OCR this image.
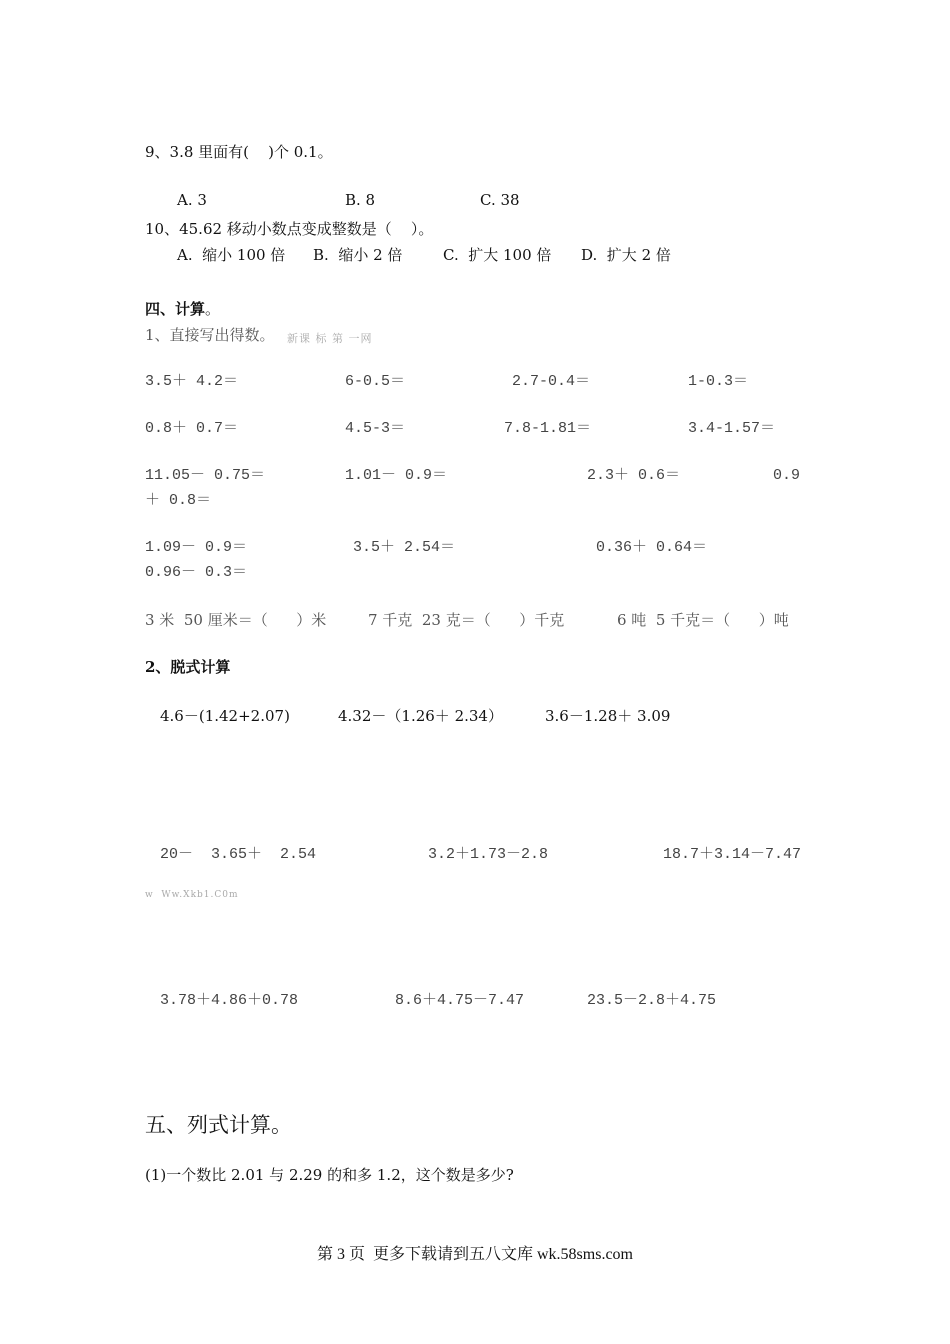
9、3.8 里面有(    )个 0.1。
A. 3	B. 8	C. 38
10、45.62 移动小数点变成整数是（    ）。
A.  缩小 100 倍 B.  缩小 2 倍	C.  扩大 100 倍 D.  扩大 2 倍
四、计算。
1、直接写出得数。 新课 标 第 一网
3.5＋ 4.2＝	6-0.5＝	2.7-0.4＝	1-0.3＝
0.8＋ 0.7＝	4.5-3＝	7.8-1.81＝	3.4-1.57＝
11.05－ 0.75＝	1.01－ 0.9＝	2.3＋ 0.6＝	0.9
＋ 0.8＝
1.09－ 0.9＝	3.5＋ 2.54＝	0.36＋ 0.64＝
0.96－ 0.3＝
3 米  50 厘米＝（      ）米	7 千克  23 克＝（      ）千克	6 吨  5 千克＝（      ）吨
2、脱式计算
4.6－(1.42+2.07)	4.32－（1.26＋ 2.34）	3.6－1.28＋ 3.09
20－  3.65＋  2.54	3.2＋1.73－2.8	18.7＋3.14－7.47
w  Ww.Xkb1.C0m
3.78＋4.86＋0.78	8.6＋4.75－7.47	23.5－2.8＋4.75
五、列式计算。
(1)一个数比 2.01 与 2.29 的和多 1.2，这个数是多少?
第 3 页  更多下载请到五八文库 wk.58sms.com
